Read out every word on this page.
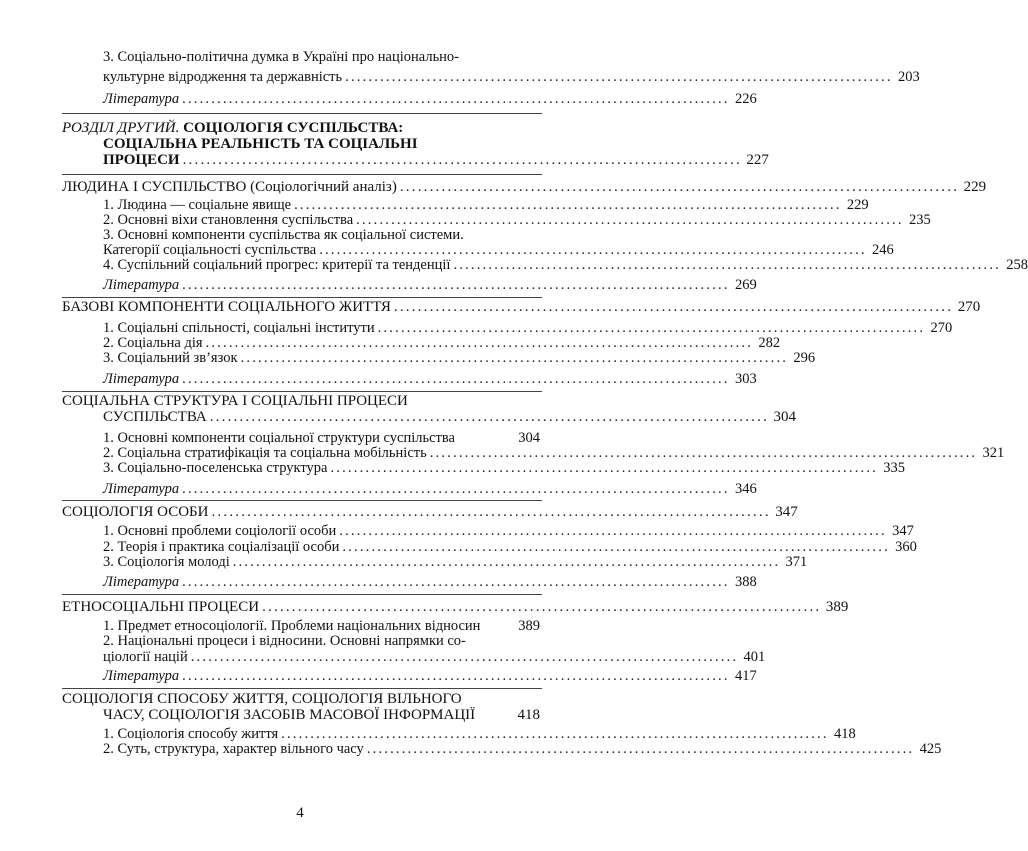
3. Соціально-політична думка в Україні про національно-
культурне відродження та державність .............................................................................................. 203
Література .............................................................................................. 226
РОЗДІЛ ДРУГИЙ. СОЦІОЛОГІЯ СУСПІЛЬСТВА:
СОЦІАЛЬНА РЕАЛЬНІСТЬ ТА СОЦІАЛЬНІ
ПРОЦЕСИ .............................................................................................. 227
ЛЮДИНА І СУСПІЛЬСТВО (Соціологічний аналіз) .............................................................................................. 229
1. Людина — соціальне явище .............................................................................................. 229
2. Основні віхи становлення суспільства .............................................................................................. 235
3. Основні компоненти суспільства як соціальної системи.
Категорії соціальності суспільства .............................................................................................. 246
4. Суспільний соціальний прогрес: критерії та тенденції .............................................................................................. 258
Література .............................................................................................. 269
БАЗОВІ КОМПОНЕНТИ СОЦІАЛЬНОГО ЖИТТЯ .............................................................................................. 270
1. Соціальні спільності, соціальні інститути .............................................................................................. 270
2. Соціальна дія .............................................................................................. 282
3. Соціальний зв’язок .............................................................................................. 296
Література .............................................................................................. 303
СОЦІАЛЬНА СТРУКТУРА І СОЦІАЛЬНІ ПРОЦЕСИ
СУСПІЛЬСТВА .............................................................................................. 304
1. Основні компоненти соціальної структури суспільства	304
2. Соціальна стратифікація та соціальна мобільність .............................................................................................. 321
3. Соціально-поселенська структура .............................................................................................. 335
Література .............................................................................................. 346
СОЦІОЛОГІЯ ОСОБИ .............................................................................................. 347
1. Основні проблеми соціології особи .............................................................................................. 347
2. Теорія і практика соціалізації особи .............................................................................................. 360
3. Соціологія молоді .............................................................................................. 371
Література .............................................................................................. 388
ЕТНОСОЦІАЛЬНІ ПРОЦЕСИ .............................................................................................. 389
1. Предмет етносоціології. Проблеми національних відносин	389
2. Національні процеси і відносини. Основні напрямки со-
ціології націй .............................................................................................. 401
Література .............................................................................................. 417
СОЦІОЛОГІЯ СПОСОБУ ЖИТТЯ, СОЦІОЛОГІЯ ВІЛЬНОГО
ЧАСУ, СОЦІОЛОГІЯ ЗАСОБІВ МАСОВОЇ ІНФОРМАЦІЇ	418
1. Соціологія способу життя .............................................................................................. 418
2. Суть, структура, характер вільного часу .............................................................................................. 425
4
